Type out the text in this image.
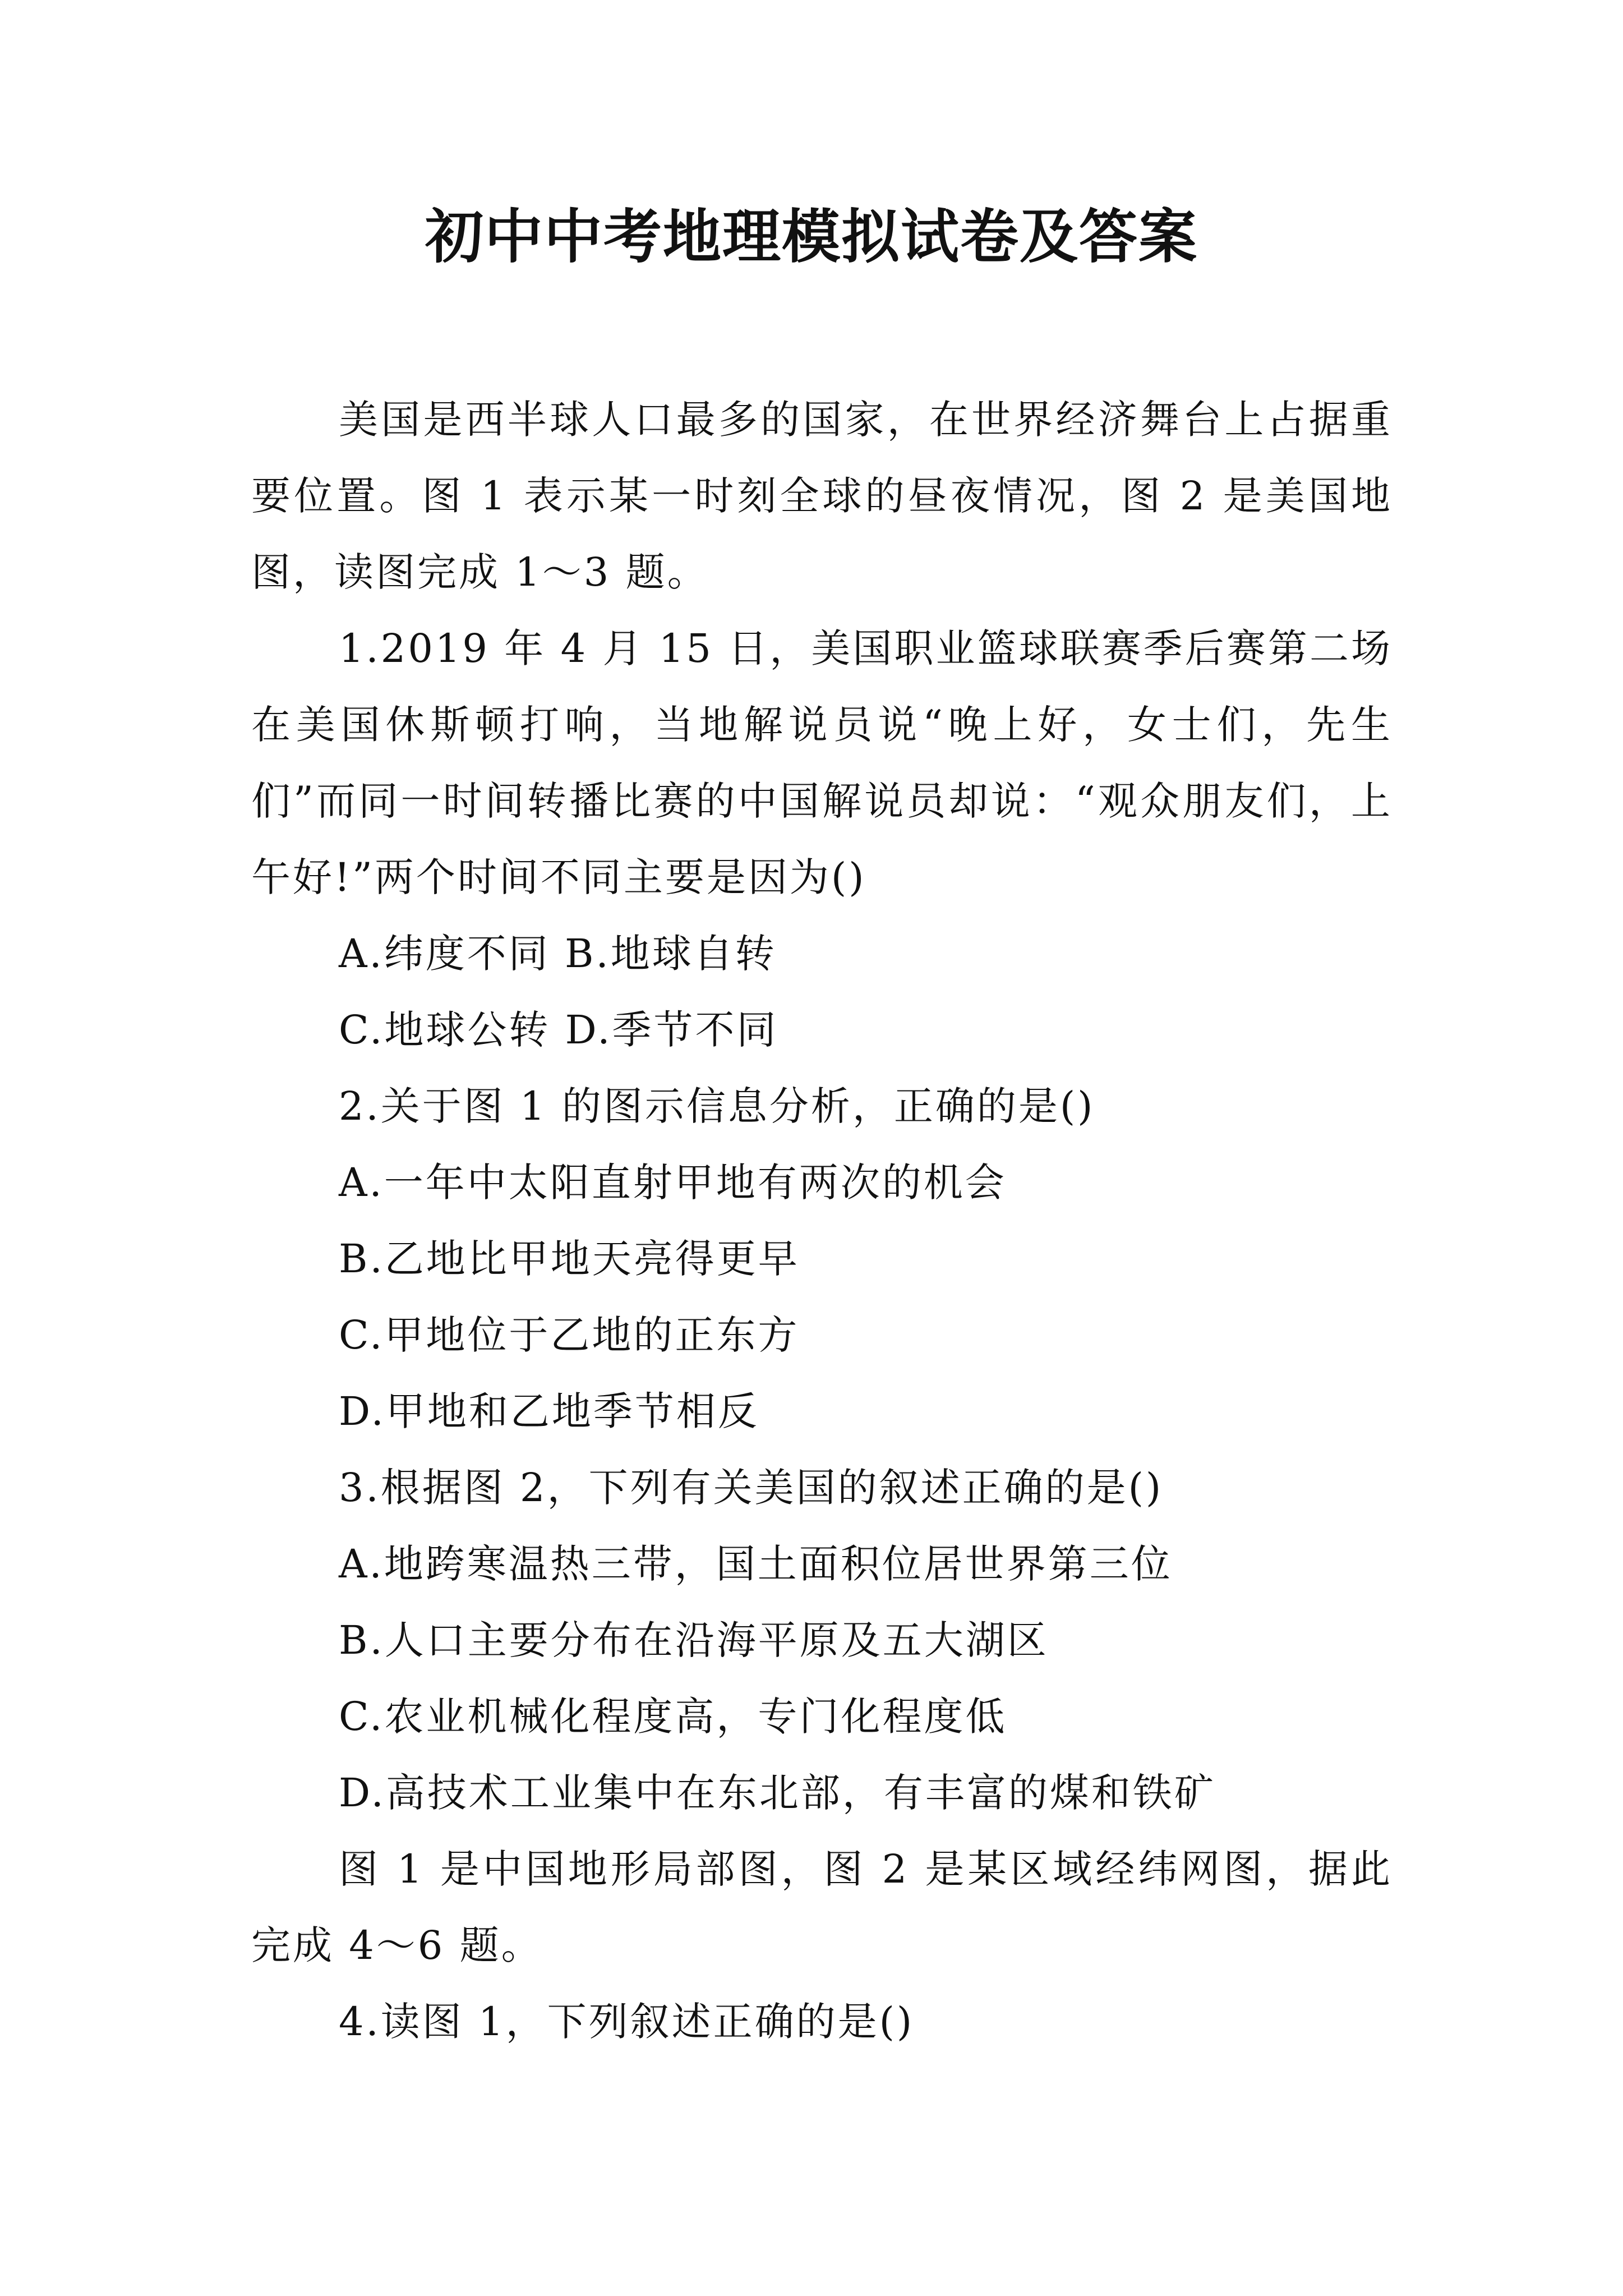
初中中考地理模拟试卷及答案

美国是西半球人口最多的国家，在世界经济舞台上占据重要位置。图 1 表示某一时刻全球的昼夜情况，图 2 是美国地图，读图完成 1～3 题。

1.2019 年 4 月 15 日，美国职业篮球联赛季后赛第二场在美国休斯顿打响，当地解说员说“晚上好，女士们，先生们”而同一时间转播比赛的中国解说员却说：“观众朋友们，上午好!”两个时间不同主要是因为()

A.纬度不同 B.地球自转

C.地球公转 D.季节不同

2.关于图 1 的图示信息分析，正确的是()

A.一年中太阳直射甲地有两次的机会

B.乙地比甲地天亮得更早

C.甲地位于乙地的正东方

D.甲地和乙地季节相反

3.根据图 2，下列有关美国的叙述正确的是()

A.地跨寒温热三带，国土面积位居世界第三位

B.人口主要分布在沿海平原及五大湖区

C.农业机械化程度高，专门化程度低

D.高技术工业集中在东北部，有丰富的煤和铁矿

图 1 是中国地形局部图，图 2 是某区域经纬网图，据此完成 4～6 题。

4.读图 1，下列叙述正确的是()
